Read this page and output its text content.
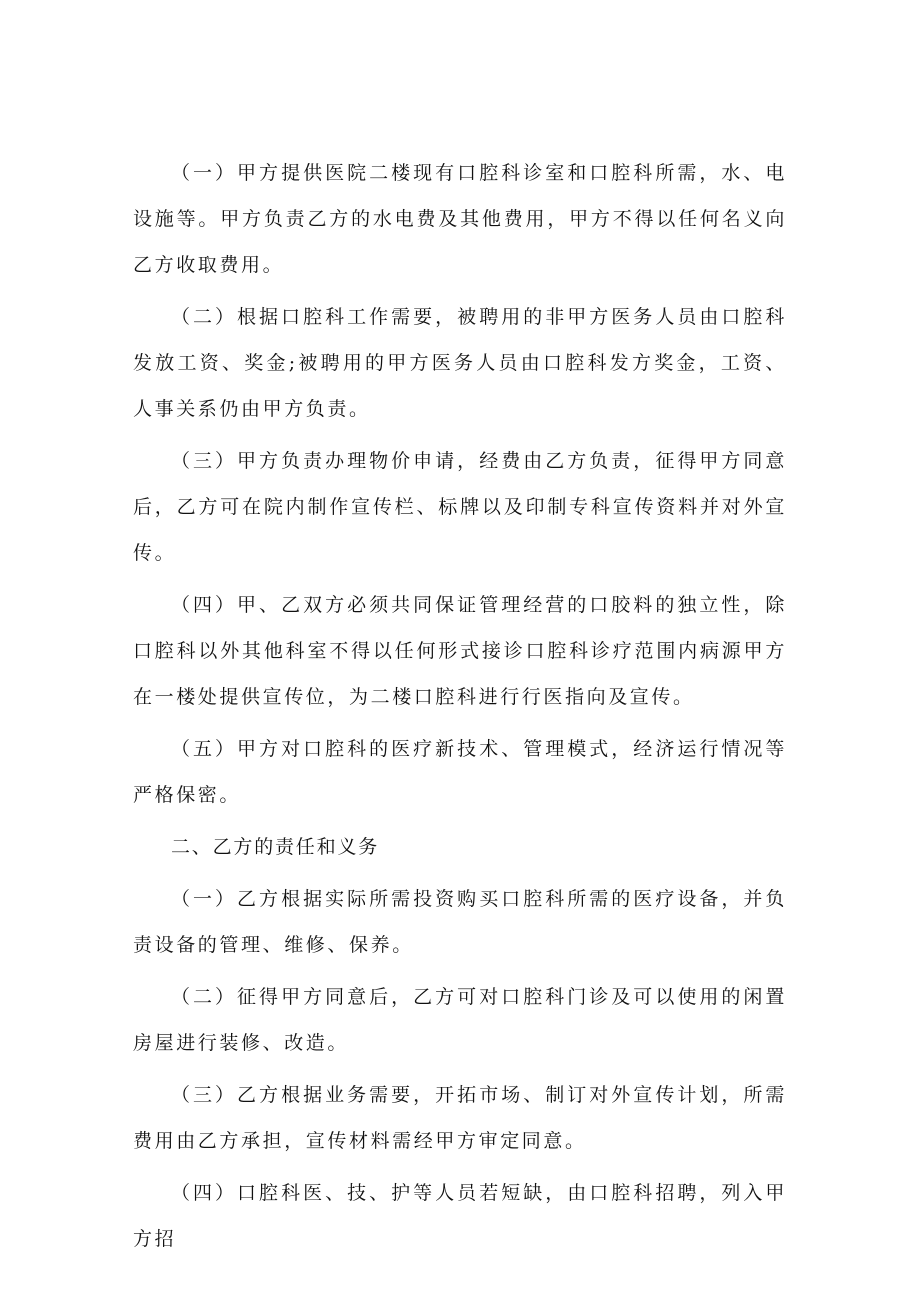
（一）甲方提供医院二楼现有口腔科诊室和口腔科所需，水、电设施等。甲方负责乙方的水电费及其他费用，甲方不得以任何名义向乙方收取费用。

（二）根据口腔科工作需要，被聘用的非甲方医务人员由口腔科发放工资、奖金;被聘用的甲方医务人员由口腔科发方奖金，工资、人事关系仍由甲方负责。

（三）甲方负责办理物价申请，经费由乙方负责，征得甲方同意后，乙方可在院内制作宣传栏、标牌以及印制专科宣传资料并对外宣传。

（四）甲、乙双方必须共同保证管理经营的口胶料的独立性，除口腔科以外其他科室不得以任何形式接诊口腔科诊疗范围内病源甲方在一楼处提供宣传位，为二楼口腔科进行行医指向及宣传。

（五）甲方对口腔科的医疗新技术、管理模式，经济运行情况等严格保密。

二、乙方的责任和义务

（一）乙方根据实际所需投资购买口腔科所需的医疗设备，并负责设备的管理、维修、保养。

（二）征得甲方同意后，乙方可对口腔科门诊及可以使用的闲置房屋进行装修、改造。

（三）乙方根据业务需要，开拓市场、制订对外宣传计划，所需费用由乙方承担，宣传材料需经甲方审定同意。

（四）口腔科医、技、护等人员若短缺，由口腔科招聘，列入甲方招
